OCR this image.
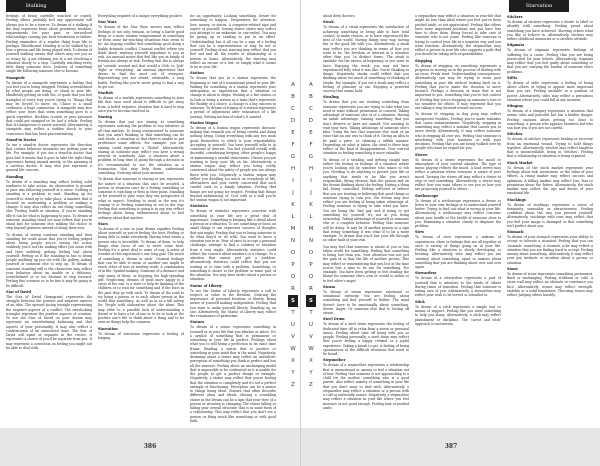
Stalking

feelings of being carefully watched or copied. Feeling others probably feel any opportunity will always you to be a stew-er. To dream of a stalking if the may represent fears about persistent troubles, requirements for your past, or unresolved relationships causing you local frustration or failure. Feeling reminders of a regular thing from life to perhaps. Bloodhound. Hunting is to be stalked by is how a person and life being played with. To dream of yourself stalking means that others may see you as so weary by. A not relaxing you at a not resolving a situation slowly to a stop. Carefully watching every little thing someone does. Jealousy of something single life following someone else to become.

Stampede

To dream of a stampede represents a feeling that you feel you're being dragged. Feeling overwhelmed by what people are doing, or chaos in your life. Mindlessly getting on with the, or goals that you feel trampled of every way you're trying to. Things that may be forced to move on. Chaos is a small confusion, a huge commotion. A stampede may also reflect your fears that seem something goes to a quick repetitive. Reckless crowds or peer pressure that could get stamped or be had a whole. Feeling that it's dangerous to assert yourself. Alternatively, a stampede may reflect a sudden shock to your conscience that has been procrastinating.

Stand-in Doctor

To see a stand-in doctor represents the direction that certain behavior situations are getting your in life. For example, if you see a stand-in doctor that goes bad it means that it goes to take the right thing represents having around merely, or the meaning of a careless doctor. It may also just represent a general life concern.

Standing

To dream of a standing may reflect feeling solid readiness to take action. An observation to ground to pass into following yourself of a cause. Nothing is standing is a problem to wait. Standing up for yourself to stand up to take place. A mindset that is focused on confronting a problem or making a change. It may also reflect an not doing something else. Feeling stable in situation. If you're standing idle it can be what is happening to pass. To dream of someone standing stand out may reflect that you're stand fast for someone else making the choice to step beyond gestures instead of doing their own.

To dream of seeing someone standing and then standing far could mean that you're feeling judged about being people you're seeing the action suddenly you'd not the making effort you seem with and then suddenly getting feeling bad about yourself. Feeling as if the standing in has to being people anything up you see with the gallery. Asking yourself or someone else to step up. To dream of someone standing still is the characters may reflect your behavior about an unable or a delicious, overwhelmed or or too hesitant to step forward. Feeling this scenario or to be fine it may be going to be difficult.

Star of David

The Star of David (hexagram) represents the struggle between the positive and negative aspects of an idea. The upward facing triangle representing the negative aspects of a conflict. The interlocking triangles represent the positive aspects of creation. To see the Star of David on your dream may represent an overwhelming balancing and that aspects of your personality. It may also reflect a confrontation of an unresolved issue. The Star of David will apart or separate in the circles. It represents a choice of you'd be separate from you. It may represent a conviction on feeling you might not be able to deal with.

Everything negative of a unique everything positive.

Star Wars

To dream of the Star Wars movies may reflect feelings of not only, tension, or being a battle good thing or a more sinister temperament in something or from some far-reaching situations that seem to be. An ongoing conflict that something good doing a highly dramatic conflict. Unusual conflict where you think about wanting yourself important to you at risk. An unusual movie that feel like you in family of friends are always at risk. Feeling that the is always pn 'outside' around and that would a 'Sith' vs 'Jedi' 'fight' or 'everything'. An unusual experience that draws to find the most out of everyone. Representing you are afraid, vulnerable, a long battle. Feeling like you're never going to find a way to get out.

Starfish

To dream of a starfish represents something in your life that once used about is difficult to get away from. A belief, negative, situation that is hard to stop once you've become involved in.

Staring

To dream that you are staring at something represents noticing the problem at two initiative at all that matters. To being overpowered to someone that you aren't thinking or that something can be and whole. A situation or that there is unable to put preference some affects. For example, you are staring could represent a 'Global'. Alternatively, staring at someone may reflect you have a strong interest in somebody. Also, a situation about a problem or long time of going through a decision in it's recommended to see the situation as a transaction that may help them understand something. Noticing about your moment.

To dream that someone is staring at you represents the nature of a situation that can't be avoided. A person or situation can't be a feeling something or someone is watching or feels in their point. Standing or for yourself to your ways they see perspective of what to expect. Needing to avoid in the way it's coming to or Feeling something or not in the way. Feeling that something is going is in any way reflect feelings about being embarrassed about to feel ordinary about that matters.

Stars

To dream of a star in your dream signifies Feeling about yourself or you're feeling the best. Feeling or being able to make everybody. Having what wants a person who is incredible. To dream of them, to help things clear focus of one to never come here. Feeling it's a great deal to some of way. A sense of wonder at this experience's one long goal. The reach of something a 'dream or wish'. Unusual feelings that can be able to mean or another one might to reach other of tons of needing work. A combination of in life. Symbol-making. Someone of a distance and only many of these, or Enjoying the high-spending gift. Neglecting, dreams of good more happy to a crisis of the sun. Is a state to help its thinking of the children or to wait for something and if the stars in the past they go with each. To dream of the road to try being a person or to each others person in the world that something. As well as in as a fall asleep for. People with elaborative about the ideas. This may refer to a possible lack of understanding a friend or to have a lot of one or to be to look at the positive one's life to think about a thing and to be seen as things help the common.

Starvation

To dream of starvation represents a feeling of longing

for an opportunity. Looking something. Desire for something to happen. Desperation for attention, love, money, or status. A computer-related sign and aspect of yourself. Seeing others starve may reflect you attempt to an unknown or one-ended. You may be giving up or tending to put in an effort. Understanding has it all can be a sign of a feeling that can be a representation or may be not to yourself. Feeling of not starving may reflect that you feel sad and all the results of relationship or a person at home. Alternatively, the starving may reflect an excuse or a lost, or simply what it seems to be in your life.

Station

To dream that you at a station represents the beginning or exit of a transitional period in your life. Waiting for something at a station represents your anticipation or expectation that a situation or change is about to begin. Waiting at a fire station or to look at being a station as a train that's represents the fluidity of a choice. A change is a big concern to someone. To dream of staying at a station represents a period of adjustment after exhaustion of a life journey. Getting unclear of what's is wanted.

Station Wagon

To dream of a station wagon represents decision-making that reminds you of being careful and doing nothing being. Doing everything with any two main goals themselves to which is your responsibility. Accepting in yourself. You have yourself sells to in conscious of interest. You feel yourself overall with deceitful considering keeping other people's happy or maintaining a careful state/status. Choose you are wanting to keep your life on his. Alternatively, a station wagon may reflect you being overly concerned about the safety of people you are always there with you. Negatively, a station wagon may reflect you dwelling too much on everybody of life, alternatives and your overly concerned that such careful such as a family situation. Feeling that things are not going for respect. Feeling that things beyond unbalancing of. Cool with at a wall you're the station wagon is not important.

Statistics

To dream of statistics represents concerns with something in your life are a great deal of importance. Something is keeping like a detail about a person or a situation. To see something or focus on small things it can represent concern of thoughts that you might. Feeling that you're being someone to do what they'd or do with. You want to know a situation you're in. Fear of one's to accept a personal challenge, attempt to find a solution or situation from a very single. Alternatively, statistics could reflect the concern about numbers or a change. Or a situation that cannot just get a problem. Alternatively, statistics could reflect that you are waiting or to time with a problem. Something, or something it shows to the problem or some part of the situation. You may have doubt about a person or situation.

Statue of Liberty

To see the Statue of Liberty represents a call to respect or value to the freedom. Noticing the importance of personal freedom or liberty. Being aware of yourself making independent. Feeling that you want to make yourself liberty. Standing up on one. Alternatively, the Statue of Liberty may reflect the renaissance of patriotism.

Statues

To dream of a statue represents something in yourself or in your life that you idealize or adore. It's a symbol of something that is permanent or something in your life as perfect. Feelings about what you to will being a perfection in its exact time frame. Reading a statue that is positive or something in your mind that is the mind. Negatively, dreaming about a statue may reflect an unrealistic perception of something you think is perfect and has all the answers. Feeling about an unchanging model that is impossible to be confronted as it is unable for the people to get a perfect design or example. Negatively, a statue may reflect that you're feeling that the situation is completely and it's not a perfect example of functioning. Perception can be a mirror to things being ideal. Statues that often describe different ideas and ideals. Having a crumbling statue in the dream can be a sign that your view of a person or situation is changing. The statue falling or failing your overall structure that is in some form of a relationship. This may reflect that you don't see a person or thing much like something or with good faith.

A
B
C
D
E
F
G
H
I
J
K
L
M
N
O
P
Q
R
S
T
U
V
W
X
Y
Z
386
Starvation
A
B
C
D
E
F
G
H
I
J
K
L
M
N
O
P
Q
R
S
T
U
V
W
X
Y
Z

about deity doctors.

Steak

To dream of a steak represents the satisfaction of achieving something or being able to have total control, to make choices, or to have experienced the best of the world. Having things your way, having fun or the good life with you. Alternatively, a steak may reflect you are thinking in terms of how you want to be, the freedom or interest in a situation other than you. In distinct forms. The steak is symbolic for the excess at beginning or you want to have. Enjoying the steak, you may not have experienced fully what it was like. You're thinking to things. Negatively, steaks could reflect that you thinking about too much of something or thinking of steaks. For example, if you eat a steak may reflect a feeling of pleasure or sin. Enjoying a powerful success that seems bold.

Stealing

To dream that you are stealing something from someone represents you are trying to take what you need or want without permission or consent. Taking advantage of someone else or of a situation. Having an unfair advantage. Gaining something that you don't deserve or have not earned. Not wanting to wait your turn. Taking advantage of someone else's idea. Using the fact that someone else ends or an issue that no one was to think of it. Giving an idea to be paid a price, or claiming a selfish manner. Depending on what is taken, the steal is there may reflect of the kind of disappointment. Your current situation as feeling something is more valuable.

To dream of a stealing, and getting caught may reflect the feeling or feelings of a situation where you're looking out by someone who wants to rob you. Needing to do anything to protect your life or anything that needs to be like you aren't responsible. Being obvious, that the person and on the dream thinking about the feeling. Having a thing fail, being controlled. Feeling self-trust or believe that you are trusting or believing that good things or someone trying to ruin you. You dream may also reflect you are feeling of being taken advantage of. Feeling someone is trying to take what you have. You are being the 'bad guy' and if trying to get something for yourself it's not at you being ownership. Taking advantage of yourself or someone else or a complex behavior. Feeling that someone will be doing. It may be of another person or a sign that being something it was what if to be a mere example. To dream that you'd lost your life through no other fault of your own.

You may feel that someone is ahead of you or has taken credit for something. Feeling that something is being lost from you. Your attention was not just the gain of or that the life of another person. This may reflect or remembering that you lost at the time you've lost a time to its use for something. For example. You have been getting to feel stealing the blame for someone else's own or would is stolen or to feel other's anger.

Steam

To dream of steam represents emotional or situational intensity. You are feeling about something and find yourself to bother. The mind doesn't have to be emotionally about something. Stress. Anger. Or someone else that is 'letting off steam'.

Steel Drum

To dream of a steel drum represents the feeling of dedicated time off to relax from a stress or personal issues. Feeling about time off being with you so people. Feeling personally, a steel drum may reflect that you're feeling a happy, relaxed or a joyful experience. Taking a break to get. A feeling of being spontaneous of the difficult situations that need to be heard.

Stepmother

To dream of a stepmother represents a relationship that is unemotional or uneasy to feel a situation out of fear. Feeling that someone is not approaching to a child for the mother, something who is a good parent. Also reflect anxiety of something in your life that you don't want to deal with. Alternatively, a stepmother may reflect a situation or a person with a cold or unfriendly nature. Negatively, a stepmother may reflect a situation in your life where you feel insecure or not good enough. Feeling hurt or pushed aside.

a stepmother may reflect a situation in your life that might be less than ideal where you feel you've been pushed aside, or not appreciated. Feeling like others have more important positions and you have less time to show them. Being forced to take care of someone who is not yours. Feeling like someone is trying to control your life in a negative way and you want freedom. Alternatively, the stepmother may reflect a person in your life who supports a path that you should be taking with responsibilities.

Stepping

To dream of stepping on something represents a progress or moving on in the process of dealing with an issue. Fresh start. Understanding consequences. Alternatively, you may be trying to move past something in your life without looking back on it. Feeling that you've made the decision to move forward. Perhaps a decision or issue that is not important to you. Something that you've lost control of. Feeling that you're stepping on someone's toes or too sensitive for others. It may represent that you are taking a step forward toward success.

To dream of stepping in dog poop may reflect unexpected troubles. Feeling you've made mistakes that cause embarrassment. Negatively, stepping in something may reflect a mistake that causes you to move slowly. Alternatively, it may reflect someone who is stepping all over you. Feeling that someone is interfering with your business or with your decisions. Feeling that you are being walked over by people who have no regard for you.

Stereo

To dream of a stereo represents the mood or atmosphere of your current situation. The type of music playing reflects the mood. A loud stereo may reflect a situation where everyone is aware of your mood. Turning the stereo off may reflect a desire to stop or end something. Alternatively, a stereo may reflect how you want others to see you or how you are projecting yourself to others.

Stethoscope

To dream of a stethoscope represents a desire to listen to your own feelings or to understand yourself better. Trying to find out what is wrong in your life. Alternatively, a stethoscope may reflect concerns about your health or the health of someone close to you. Examining a situation closely to diagnose the problem.

Stew

To dream of stew represents a mixture of experiences, ideas or feelings that are all together at once. A variety of things going on in your life. Feeling like a situation is slowly developing or brewing. Alternatively, stew may reflect you are 'stewing' about something, upset or anxious about something that you are thinking about over and over again.

Stewardess

To dream of a stewardess represents a part of yourself that is attentive to the needs of others during times of transition. Feeling that someone is taking care of you. Alternatively, a stewardess may reflect your wish to be served or attended to.

Stick

To dream of a stick represents a simple tool or means of support. Feeling like you need something to help you along. Alternatively, a stick may reflect punishment or discipline. The 'carrot and stick' approach to motivation.

Stickers

To dream of stickers represents a desire to label or identify with something. Feeling proud about something you have achieved. Showing others what you like or believe in. Alternatively, stickers may reflect childhood memories or a carefree attitude.

Stigmata

To dream of stigmata represents feelings of suffering for a cause. Feeling that you are being persecuted for your beliefs. Alternatively, stigmata may reflect that you feel guilty about something or that you are carrying the burden of someone else's problems.

Stilts

To dream of stilts represents a feeling of being above others or trying to appear more important than you are. Feeling unstable in a position of power. Alternatively, stilts may reflect a precarious situation where you could fall at any moment.

Stingray

To dream of a stingray represents a situation that seems calm and peaceful but has a hidden danger. Feeling cautious about getting too close to something. A person who appears harmless but who can hurt you if you are not careful.

Stitches

To dream of stitches represents healing or recovery from an emotional wound. Trying to hold things together. Alternatively, stitches may reflect laughter that is uncontrollable, being in 'stitches'. Feeling that a relationship or situation is being repaired.

Stock Market

To dream of the stock market represents your feelings about risk, investment, or the value of your efforts. A rising market may reflect success and optimism. A falling market may reflect loss, fear or pessimism about the future. Alternatively, the stock market may reflect the ups and downs of your emotional life.

Stockings

To dream of stockings represents a sense of femininity, sensuality or attractiveness. Feeling confident about the way you present yourself. Alternatively, stockings with runs may reflect that you feel your image is damaged or that something isn't perfect about you.

Stomach

To dream of your stomach represents your ability to accept or tolerate a situation. Feeling that you can 'stomach' something. A stomach ache may reflect a situation that you are finding hard to accept. Feeling uneasy about something. Alternatively, it may reflect your gut instincts or intuition about a person or situation.

Stone

To dream of stone represents something permanent, fixed or unchanging. Feeling stubborn or cold. A stone wall may reflect an obstacle or resistance you face. Alternatively, stones may reflect strength, stability or a solid foundation. Throwing stones may reflect judging others harshly.

387
